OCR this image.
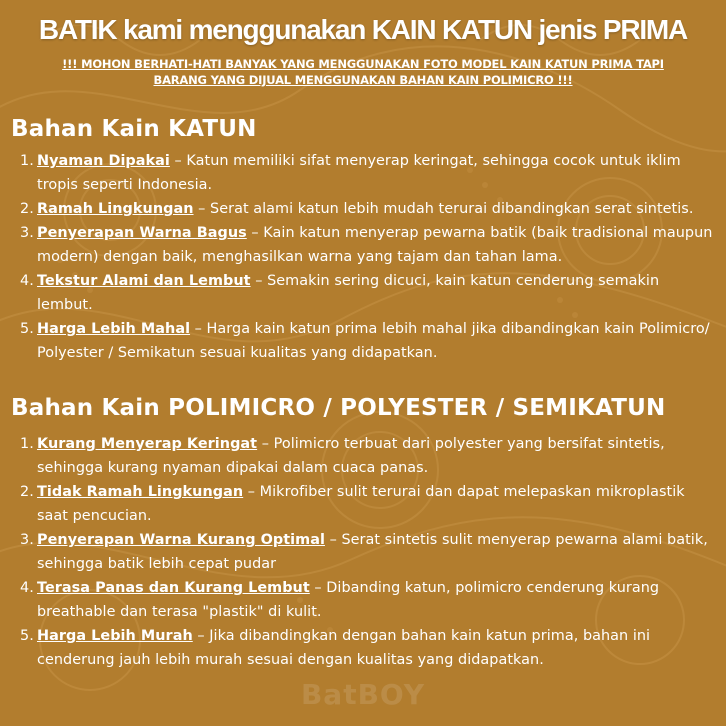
BATIK kami menggunakan KAIN KATUN jenis PRIMA
!!! MOHON BERHATI-HATI BANYAK YANG MENGGUNAKAN FOTO MODEL KAIN KATUN PRIMA TAPI
BARANG YANG DIJUAL MENGGUNAKAN BAHAN KAIN POLIMICRO !!!
Bahan Kain KATUN
1. Nyaman Dipakai – Katun memiliki sifat menyerap keringat, sehingga cocok untuk iklim tropis seperti Indonesia.
2. Ramah Lingkungan – Serat alami katun lebih mudah terurai dibandingkan serat sintetis.
3. Penyerapan Warna Bagus – Kain katun menyerap pewarna batik (baik tradisional maupun modern) dengan baik, menghasilkan warna yang tajam dan tahan lama.
4. Tekstur Alami dan Lembut – Semakin sering dicuci, kain katun cenderung semakin lembut.
5. Harga Lebih Mahal – Harga kain katun prima lebih mahal jika dibandingkan kain Polimicro/ Polyester / Semikatun sesuai kualitas yang didapatkan.
Bahan Kain POLIMICRO / POLYESTER / SEMIKATUN
1. Kurang Menyerap Keringat – Polimicro terbuat dari polyester yang bersifat sintetis, sehingga kurang nyaman dipakai dalam cuaca panas.
2. Tidak Ramah Lingkungan – Mikrofiber sulit terurai dan dapat melepaskan mikroplastik saat pencucian.
3. Penyerapan Warna Kurang Optimal – Serat sintetis sulit menyerap pewarna alami batik, sehingga batik lebih cepat pudar
4. Terasa Panas dan Kurang Lembut – Dibanding katun, polimicro cenderung kurang breathable dan terasa "plastik" di kulit.
5. Harga Lebih Murah – Jika dibandingkan dengan bahan kain katun prima, bahan ini cenderung jauh lebih murah sesuai dengan kualitas yang didapatkan.
BatBOY
